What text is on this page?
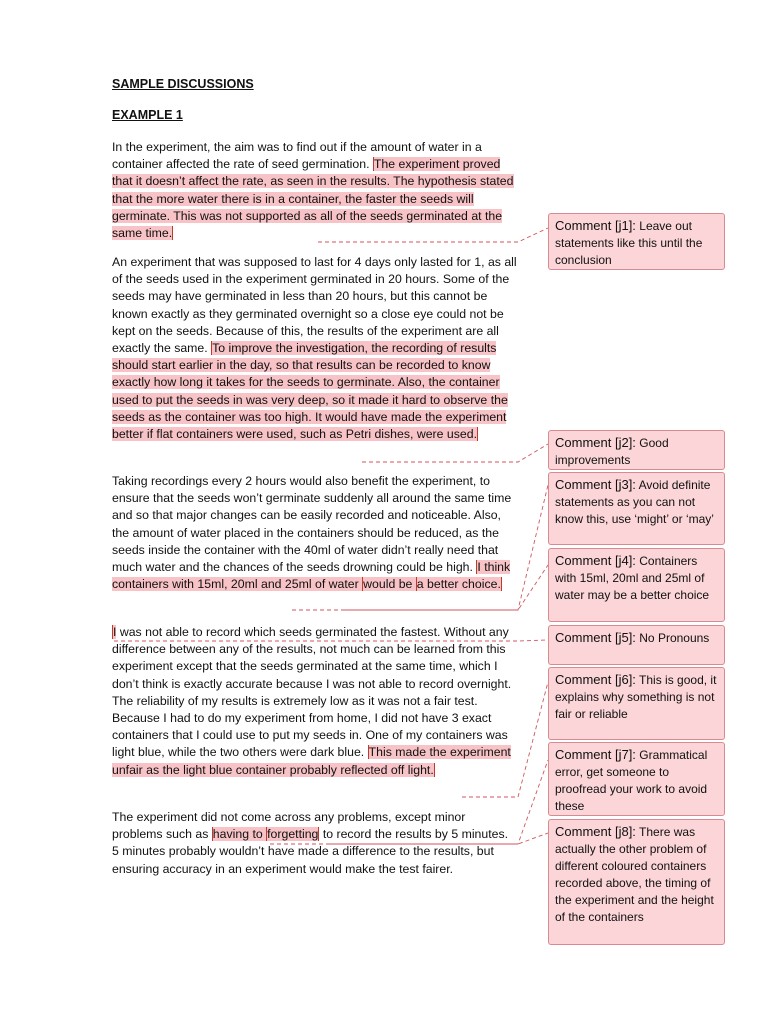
SAMPLE DISCUSSIONS

EXAMPLE 1

In the experiment, the aim was to find out if the amount of water in a container affected the rate of seed germination. The experiment proved that it doesn’t affect the rate, as seen in the results. The hypothesis stated that the more water there is in a container, the faster the seeds will germinate. This was not supported as all of the seeds germinated at the same time.

An experiment that was supposed to last for 4 days only lasted for 1, as all of the seeds used in the experiment germinated in 20 hours. Some of the seeds may have germinated in less than 20 hours, but this cannot be known exactly as they germinated overnight so a close eye could not be kept on the seeds. Because of this, the results of the experiment are all exactly the same. To improve the investigation, the recording of results should start earlier in the day, so that results can be recorded to know exactly how long it takes for the seeds to germinate. Also, the container used to put the seeds in was very deep, so it made it hard to observe the seeds as the container was too high. It would have made the experiment better if flat containers were used, such as Petri dishes, were used.

Taking recordings every 2 hours would also benefit the experiment, to ensure that the seeds won’t germinate suddenly all around the same time and so that major changes can be easily recorded and noticeable. Also, the amount of water placed in the containers should be reduced, as the seeds inside the container with the 40ml of water didn’t really need that much water and the chances of the seeds drowning could be high. I think containers with 15ml, 20ml and 25ml of water would be a better choice.

I was not able to record which seeds germinated the fastest. Without any difference between any of the results, not much can be learned from this experiment except that the seeds germinated at the same time, which I don’t think is exactly accurate because I was not able to record overnight. The reliability of my results is extremely low as it was not a fair test. Because I had to do my experiment from home, I did not have 3 exact containers that I could use to put my seeds in. One of my containers was light blue, while the two others were dark blue. This made the experiment unfair as the light blue container probably reflected off light.

The experiment did not come across any problems, except minor problems such as having to forgetting to record the results by 5 minutes. 5 minutes probably wouldn’t have made a difference to the results, but ensuring accuracy in an experiment would make the test fairer.

Comment [j1]: Leave out statements like this until the conclusion
Comment [j2]: Good improvements
Comment [j3]: Avoid definite statements as you can not know this, use ‘might’ or ‘may’
Comment [j4]: Containers with 15ml, 20ml and 25ml of water may be a better choice
Comment [j5]: No Pronouns
Comment [j6]: This is good, it explains why something is not fair or reliable
Comment [j7]: Grammatical error, get someone to proofread your work to avoid these
Comment [j8]: There was actually the other problem of different coloured containers recorded above, the timing of the experiment and the height of the containers
